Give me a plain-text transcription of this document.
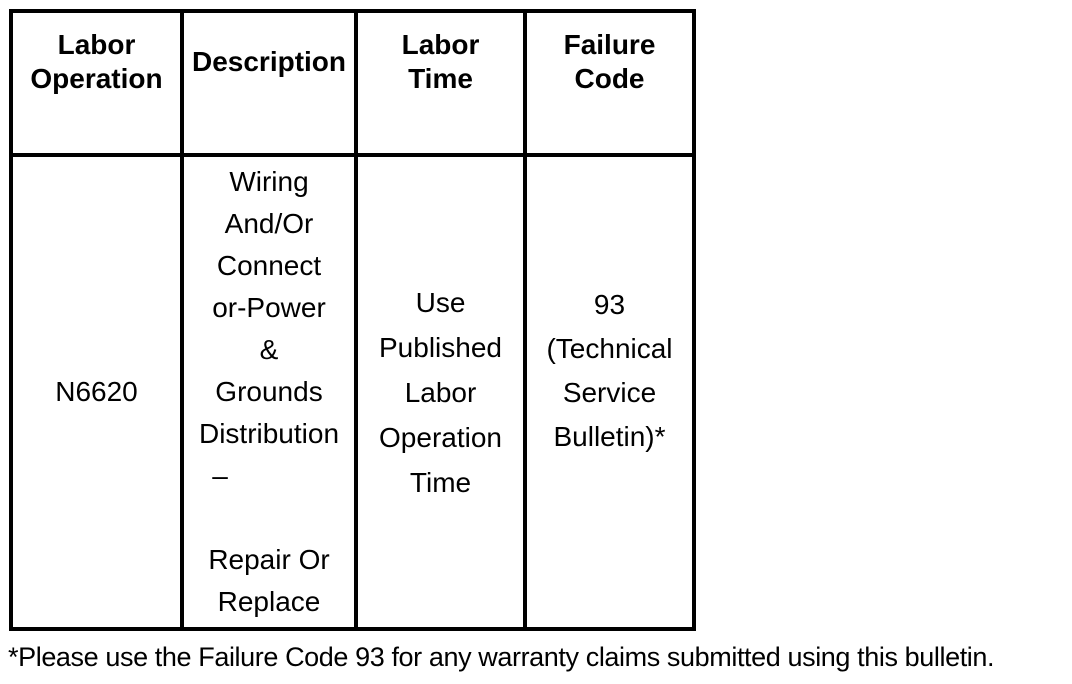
Labor
Operation
Description
Labor
Time
Failure
Code
N6620
Wiring
And/Or
Connect
or-Power
&
Grounds
Distribution
–

Repair Or
Replace
Use
Published
Labor
Operation
Time
93
(Technical
Service
Bulletin)*
*Please use the Failure Code 93 for any warranty claims submitted using this bulletin.
